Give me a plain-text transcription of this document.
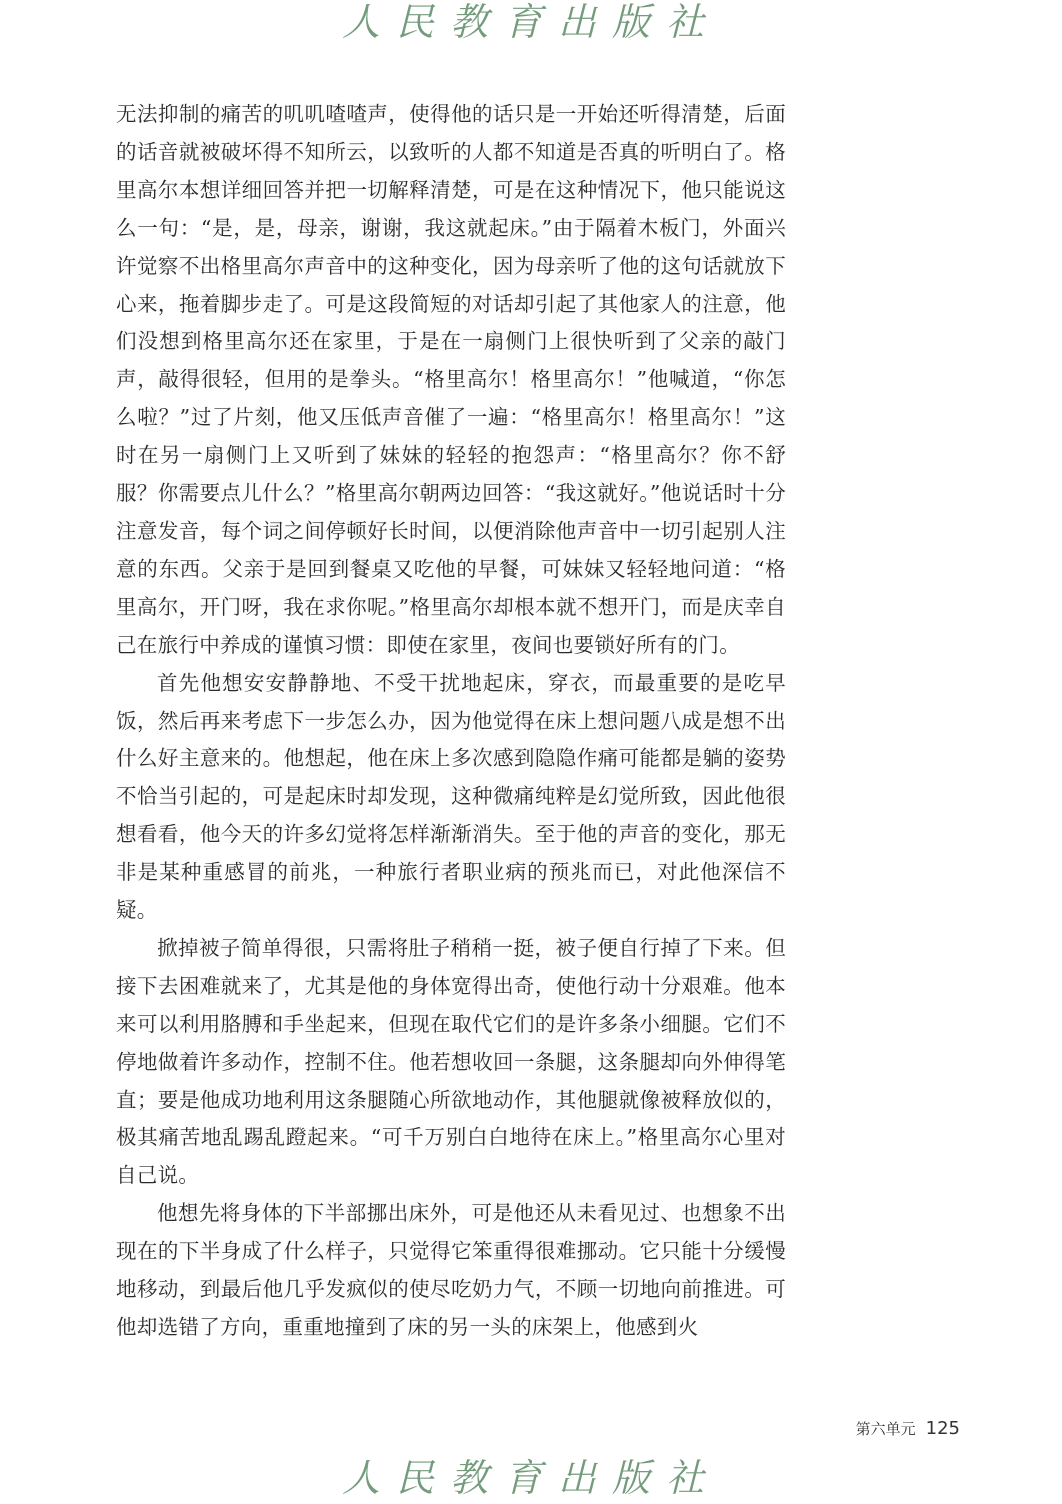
人民教育出版社

无法抑制的痛苦的叽叽喳喳声，使得他的话只是一开始还听得清楚，后面的话音就被破坏得不知所云，以致听的人都不知道是否真的听明白了。格里高尔本想详细回答并把一切解释清楚，可是在这种情况下，他只能说这么一句：“是，是，母亲，谢谢，我这就起床。”由于隔着木板门，外面兴许觉察不出格里高尔声音中的这种变化，因为母亲听了他的这句话就放下心来，拖着脚步走了。可是这段简短的对话却引起了其他家人的注意，他们没想到格里高尔还在家里，于是在一扇侧门上很快听到了父亲的敲门声，敲得很轻，但用的是拳头。“格里高尔！格里高尔！”他喊道，“你怎么啦？”过了片刻，他又压低声音催了一遍：“格里高尔！格里高尔！”这时在另一扇侧门上又听到了妹妹的轻轻的抱怨声：“格里高尔？你不舒服？你需要点儿什么？”格里高尔朝两边回答：“我这就好。”他说话时十分注意发音，每个词之间停顿好长时间，以便消除他声音中一切引起别人注意的东西。父亲于是回到餐桌又吃他的早餐，可妹妹又轻轻地问道：“格里高尔，开门呀，我在求你呢。”格里高尔却根本就不想开门，而是庆幸自己在旅行中养成的谨慎习惯：即使在家里，夜间也要锁好所有的门。

首先他想安安静静地、不受干扰地起床，穿衣，而最重要的是吃早饭，然后再来考虑下一步怎么办，因为他觉得在床上想问题八成是想不出什么好主意来的。他想起，他在床上多次感到隐隐作痛可能都是躺的姿势不恰当引起的，可是起床时却发现，这种微痛纯粹是幻觉所致，因此他很想看看，他今天的许多幻觉将怎样渐渐消失。至于他的声音的变化，那无非是某种重感冒的前兆，一种旅行者职业病的预兆而已，对此他深信不疑。

掀掉被子简单得很，只需将肚子稍稍一挺，被子便自行掉了下来。但接下去困难就来了，尤其是他的身体宽得出奇，使他行动十分艰难。他本来可以利用胳膊和手坐起来，但现在取代它们的是许多条小细腿。它们不停地做着许多动作，控制不住。他若想收回一条腿，这条腿却向外伸得笔直；要是他成功地利用这条腿随心所欲地动作，其他腿就像被释放似的，极其痛苦地乱踢乱蹬起来。“可千万别白白地待在床上。”格里高尔心里对自己说。

他想先将身体的下半部挪出床外，可是他还从未看见过、也想象不出现在的下半身成了什么样子，只觉得它笨重得很难挪动。它只能十分缓慢地移动，到最后他几乎发疯似的使尽吃奶力气，不顾一切地向前推进。可他却选错了方向，重重地撞到了床的另一头的床架上，他感到火

第六单元 125
人民教育出版社
